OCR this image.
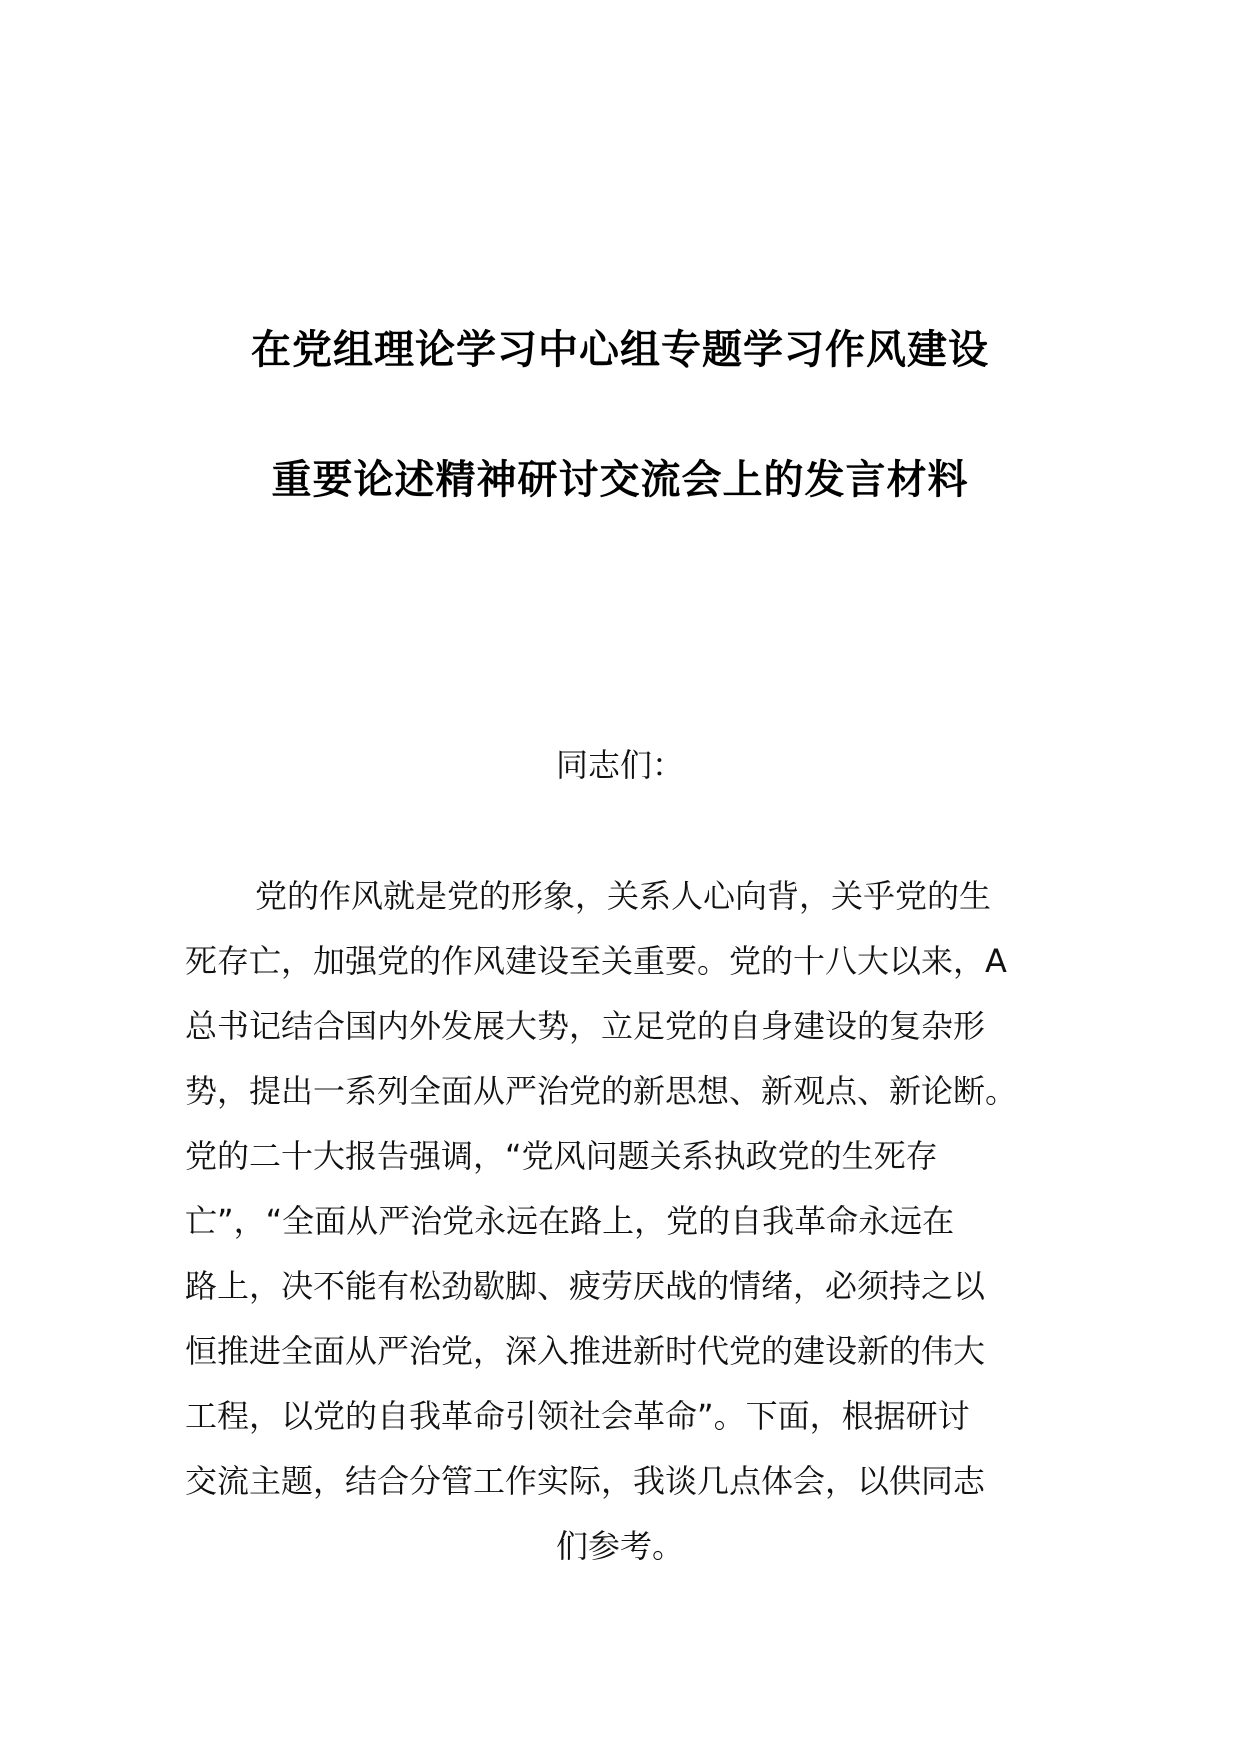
在党组理论学习中心组专题学习作风建设
重要论述精神研讨交流会上的发言材料
同志们：
党的作风就是党的形象，关系人心向背，关乎党的生
死存亡，加强党的作风建设至关重要。党的十八大以来，A
总书记结合国内外发展大势，立足党的自身建设的复杂形
势，提出一系列全面从严治党的新思想、新观点、新论断。
党的二十大报告强调，“党风问题关系执政党的生死存
亡”，“全面从严治党永远在路上，党的自我革命永远在
路上，决不能有松劲歇脚、疲劳厌战的情绪，必须持之以
恒推进全面从严治党，深入推进新时代党的建设新的伟大
工程，以党的自我革命引领社会革命”。下面，根据研讨
交流主题，结合分管工作实际，我谈几点体会，以供同志
们参考。
